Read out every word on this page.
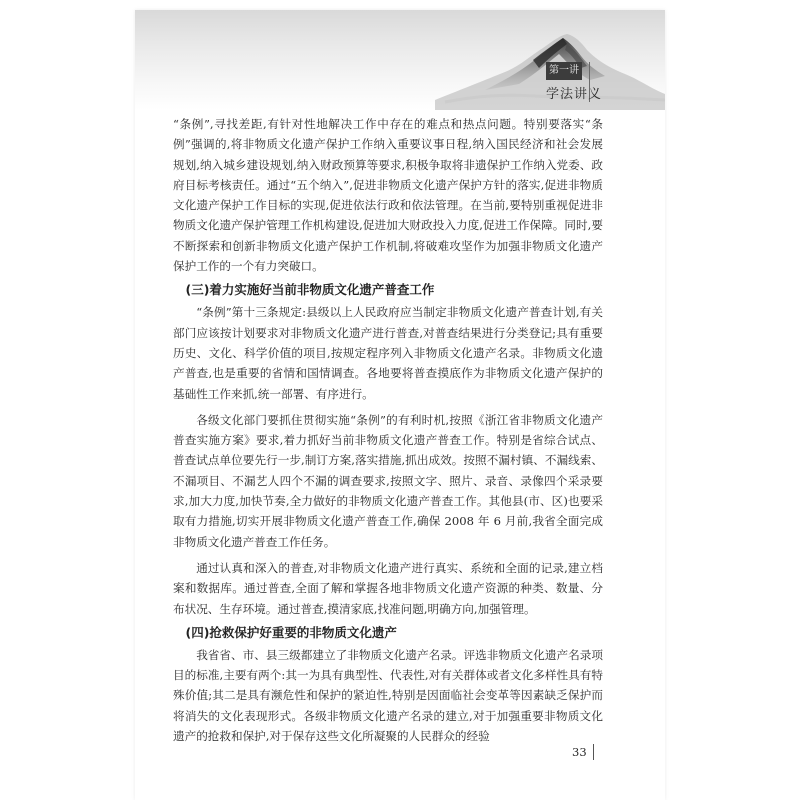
第一讲
学法讲义

“条例”,寻找差距,有针对性地解决工作中存在的难点和热点问题。特别要落实“条例”强调的,将非物质文化遗产保护工作纳入重要议事日程,纳入国民经济和社会发展规划,纳入城乡建设规划,纳入财政预算等要求,积极争取将非遗保护工作纳入党委、政府目标考核责任。通过“五个纳入”,促进非物质文化遗产保护方针的落实,促进非物质文化遗产保护工作目标的实现,促进依法行政和依法管理。在当前,要特别重视促进非物质文化遗产保护管理工作机构建设,促进加大财政投入力度,促进工作保障。同时,要不断探索和创新非物质文化遗产保护工作机制,将破难攻坚作为加强非物质文化遗产保护工作的一个有力突破口。

(三)着力实施好当前非物质文化遗产普查工作

“条例”第十三条规定:县级以上人民政府应当制定非物质文化遗产普查计划,有关部门应该按计划要求对非物质文化遗产进行普查,对普查结果进行分类登记;具有重要历史、文化、科学价值的项目,按规定程序列入非物质文化遗产名录。非物质文化遗产普查,也是重要的省情和国情调查。各地要将普查摸底作为非物质文化遗产保护的基础性工作来抓,统一部署、有序进行。

各级文化部门要抓住贯彻实施“条例”的有利时机,按照《浙江省非物质文化遗产普查实施方案》要求,着力抓好当前非物质文化遗产普查工作。特别是省综合试点、普查试点单位要先行一步,制订方案,落实措施,抓出成效。按照不漏村镇、不漏线索、不漏项目、不漏艺人四个不漏的调查要求,按照文字、照片、录音、录像四个采录要求,加大力度,加快节奏,全力做好的非物质文化遗产普查工作。其他县(市、区)也要采取有力措施,切实开展非物质文化遗产普查工作,确保 2008 年 6 月前,我省全面完成非物质文化遗产普查工作任务。

通过认真和深入的普查,对非物质文化遗产进行真实、系统和全面的记录,建立档案和数据库。通过普查,全面了解和掌握各地非物质文化遗产资源的种类、数量、分布状况、生存环境。通过普查,摸清家底,找准问题,明确方向,加强管理。

(四)抢救保护好重要的非物质文化遗产

我省省、市、县三级都建立了非物质文化遗产名录。评选非物质文化遗产名录项目的标准,主要有两个:其一为具有典型性、代表性,对有关群体或者文化多样性具有特殊价值;其二是具有濒危性和保护的紧迫性,特别是因面临社会变革等因素缺乏保护而将消失的文化表现形式。各级非物质文化遗产名录的建立,对于加强重要非物质文化遗产的抢救和保护,对于保存这些文化所凝聚的人民群众的经验

33
